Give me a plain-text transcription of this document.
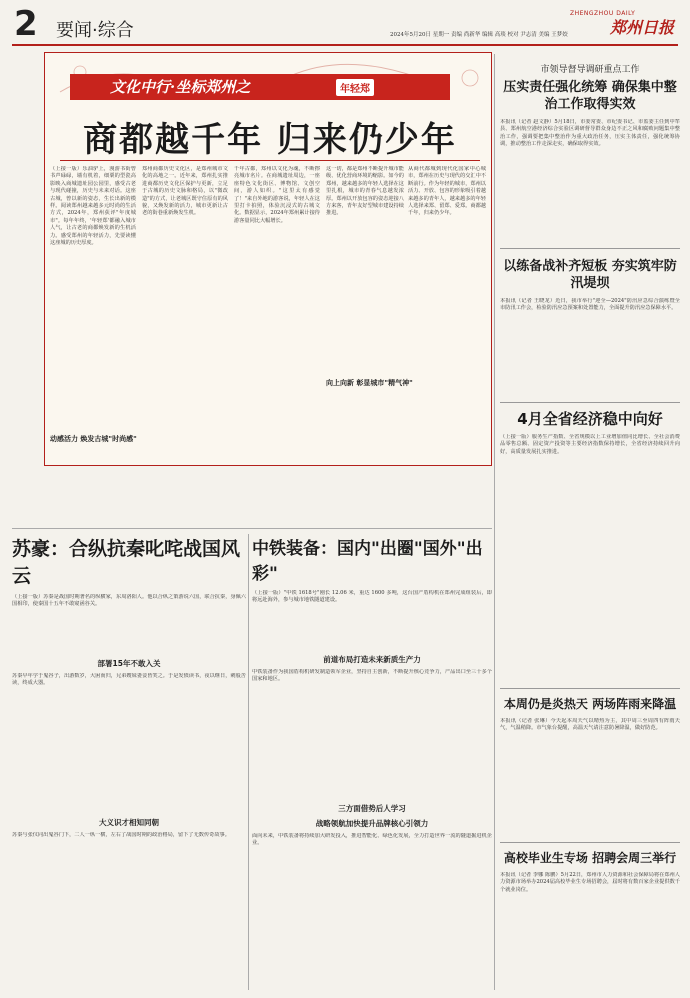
2 要闻·综合	2024年5月20日 星期一 责编 尚新华 编辑 高琰 校对 尹志清 美编 王梦姣
ZHENGZHOU DAILY
郑州日报
文化中行·坐标郑州之	年轻郑
商都越千年 归来仍少年
（上接一版）乐油驴上，漫游书街曾书声碌碌，墙有机着，细粟的型瓷高影映入商城遗址园公园里，感受古老与现代碰撞，历史与未来对话。这座古城，曾以新的姿态，生长出新的模样。阅读郑州越来越多元时尚的生活方式，2024年，郑州获评"年度城市"。每年年终，'年轻郑'都融入城市人气，让古老的商都焕发新的生机活力。感受郑州的年轻活力，先要读懂这座城的历史厚度。
郑州商都历史文化区，是郑州城市文化的高地之一。近年来，郑州扎实推进商都历史文化区保护与更新，立足于古城的历史文脉和格局，以"微改造"的方式，让老城区既守住原有的风貌，又焕发新的活力，城市更新让古老的街巷重新焕发生机。
千年古都，郑州以文化为魂，不断擦亮城市名片。在商城遗址周边，一座座特色文化街区、博物馆、文创空间，游人如织。"这里太有感觉了！"来自外地的游客说，年轻人在这里打卡拍照，体验沉浸式的古城文化。数据显示，2024年郑州累计接待游客量同比大幅增长。
这一切，都是郑州不断提升城市能级、优化营商环境的缩影。如今的郑州，越来越多的年轻人选择在这里扎根，城市的青春气息越发浓厚。郑州以开放包容的姿态迎接八方来客，青年友好型城市建设持续推进。
从商代都城到现代化国家中心城市，郑州在历史与现代的交汇中不断前行。作为年轻的城市，郑州以活力、开放、包容的形象吸引着越来越多的青年人，越来越多的年轻人选择来郑、留郑、爱郑。商都越千年，归来仍少年。
动感活力 焕发古城"时尚感"
向上向新 彰显城市"精气神"
市领导督导调研重点工作
压实责任强化统筹 确保集中整治工作取得实效
本报讯（记者 赵文静）5月18日，市委常委、市纪委书记、市监委主任到中牟县、郑州航空港经济综合实验区调研督导群众身边不正之风和腐败问题集中整治工作，强调要把集中整治作为重大政治任务，压实主体责任，强化统筹协调，推动整治工作走深走实，确保取得实效。
以练备战补齐短板 夯实筑牢防汛堤坝
本报讯（记者 王晓龙）近日，我市举行"迎全—2024"防汛应急综合演练暨全市防汛工作会，检验防汛应急预案和处置能力，全面提升防汛应急保障水平。
4月全省经济稳中向好
（上接一版）服务生产指数、全省规模以上工业增加值同比增长、全社会消费品零售总额、固定资产投资等主要经济指数保持增长，全省经济持续回升向好，高质量发展扎实推进。
本周仍是炎热天 两场阵雨来降温
本报讯（记者 张琳）今天起本周天气以晴热为主，其中周三至周四有阵雨天气，气温稍降。市气象台提醒，高温天气请注意防暑降温，做好防范。
高校毕业生专场 招聘会周三举行
本报讯（记者 李娜 陈鹏）5月22日，郑州市人力资源和社会保障局将在郑州人力资源市场举办2024届高校毕业生专场招聘会，届时将有数百家企业提供数千个就业岗位。
苏豪：合纵抗秦叱咤战国风云
（上接一版）苏秦是战国时期著名的纵横家，东周洛阳人。他以合纵之策游说六国，联合抗秦，身佩六国相印，使秦国十五年不敢窥函谷关。
部署15年不敢入关
苏秦早年学于鬼谷子，出游数岁，大困而归，兄弟嫂妹妻妾皆笑之。于是发愤读书，夜以继日，刺股苦读，终成大器。
大义识才相知同朝
苏秦与张仪同出鬼谷门下，二人一纵一横，左右了战国时期的政治格局，留下了无数传奇故事。
中铁装备：国内"出圈"国外"出彩"
（上接一版）"中铁 1618号"刚长 12.06 米，重达 1600 多吨，这台国产盾构机在郑州完成组装后，即将远赴海外，参与城市地铁隧道建设。
前道布局打造未来新质生产力
中铁装备作为我国盾构机研发制造领军企业，坚持自主创新，不断提升核心竞争力，产品出口至三十多个国家和地区。
三方面借势后人学习
战略领航加快提升品牌核心引领力
面向未来，中铁装备将持续加大研发投入，推进智能化、绿色化发展，全力打造世界一流的隧道掘进机企业。
